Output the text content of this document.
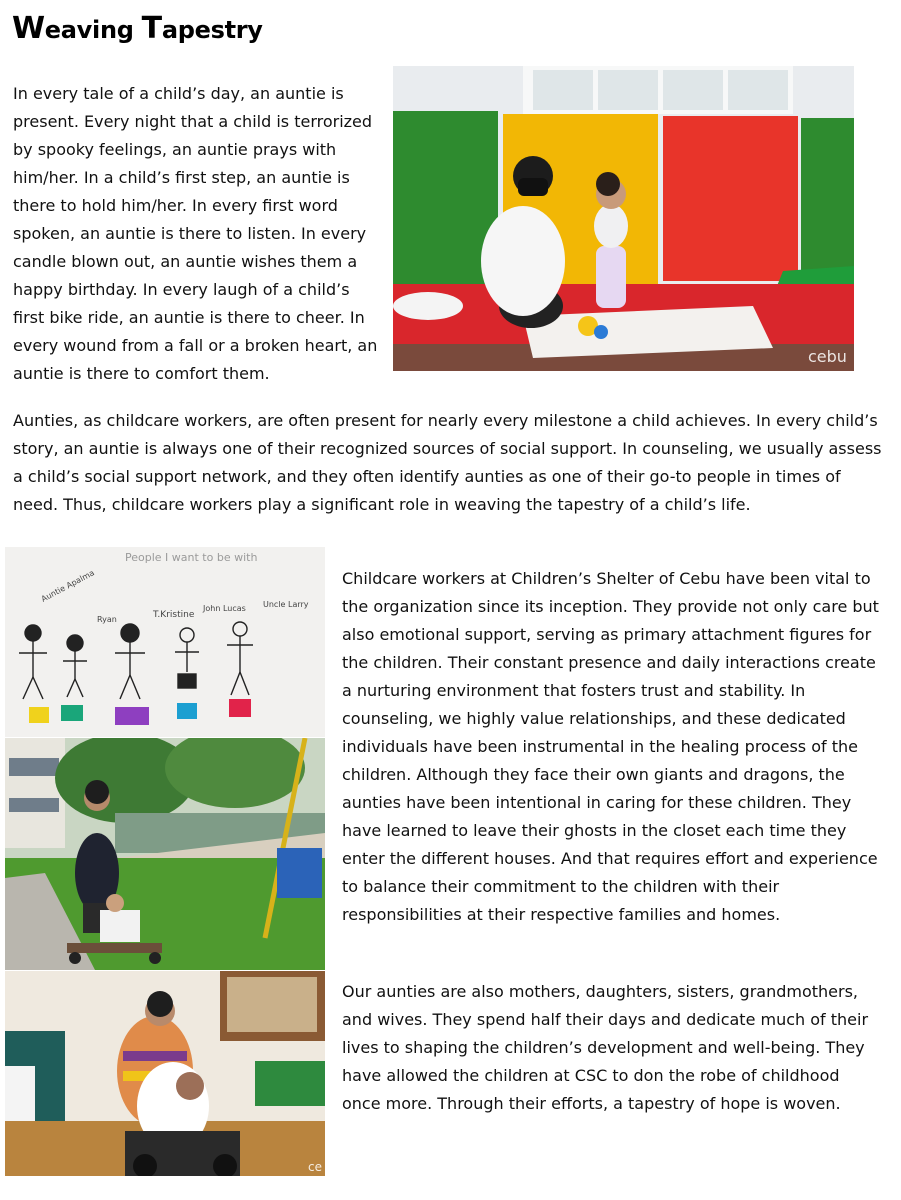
Weaving Tapestry

In every tale of a child’s day, an auntie is present. Every night that a child is terrorized by spooky feelings, an auntie prays with him/her. In a child’s first step, an auntie is there to hold him/her. In every first word spoken, an auntie is there to listen. In every candle blown out, an auntie wishes them a happy birthday. In every laugh of a child’s first bike ride, an auntie is there to cheer. In every wound from a fall or a broken heart, an auntie is there to comfort them.

cebu

Aunties, as childcare workers, are often present for nearly every milestone a child achieves. In every child’s story, an auntie is always one of their recognized sources of social support. In counseling, we usually assess a child’s social support network, and they often identify aunties as one of their go-to people in times of need. Thus, childcare workers play a significant role in weaving the tapestry of a child’s life.

People I want to be with
Auntie Apalma
Ryan	T.Kristine
John Lucas Uncle Larry
ce

Childcare workers at Children’s Shelter of Cebu have been vital to the organization since its inception. They provide not only care but also emotional support, serving as primary attachment figures for the children. Their constant presence and daily interactions create a nurturing environment that fosters trust and stability. In counseling, we highly value relationships, and these dedicated individuals have been instrumental in the healing process of the children. Although they face their own giants and dragons, the aunties have been intentional in caring for these children. They have learned to leave their ghosts in the closet each time they enter the different houses. And that requires effort and experience to balance their commitment to the children with their responsibilities at their respective families and homes.

Our aunties are also mothers, daughters, sisters, grandmothers, and wives. They spend half their days and dedicate much of their lives to shaping the children’s development and well-being. They have allowed the children at CSC to don the robe of childhood once more. Through their efforts, a tapestry of hope is woven.
